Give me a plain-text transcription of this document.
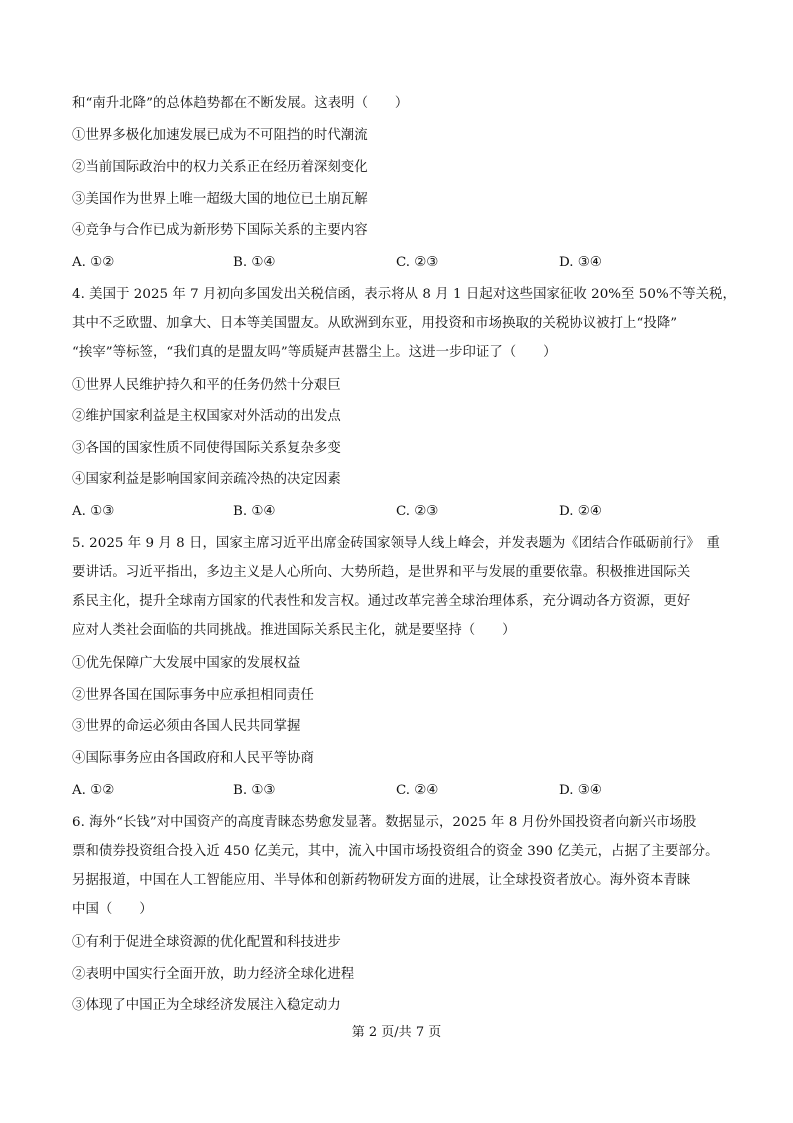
和“南升北降”的总体趋势都在不断发展。这表明（　　）
①世界多极化加速发展已成为不可阻挡的时代潮流
②当前国际政治中的权力关系正在经历着深刻变化
③美国作为世界上唯一超级大国的地位已土崩瓦解
④竞争与合作已成为新形势下国际关系的主要内容
A. ①②	B. ①④	C. ②③	D. ③④
4. 美国于 2025 年 7 月初向多国发出关税信函，表示将从 8 月 1 日起对这些国家征收 20%至 50%不等关税，
其中不乏欧盟、加拿大、日本等美国盟友。从欧洲到东亚，用投资和市场换取的关税协议被打上“投降”
“挨宰”等标签，“我们真的是盟友吗”等质疑声甚嚣尘上。这进一步印证了（　　）
①世界人民维护持久和平的任务仍然十分艰巨
②维护国家利益是主权国家对外活动的出发点
③各国的国家性质不同使得国际关系复杂多变
④国家利益是影响国家间亲疏冷热的决定因素
A. ①③	B. ①④	C. ②③	D. ②④
5. 2025 年 9 月 8 日，国家主席习近平出席金砖国家领导人线上峰会，并发表题为《团结合作砥砺前行》　重
要讲话。习近平指出，多边主义是人心所向、大势所趋，是世界和平与发展的重要依靠。积极推进国际关
系民主化，提升全球南方国家的代表性和发言权。通过改革完善全球治理体系，充分调动各方资源，更好
应对人类社会面临的共同挑战。推进国际关系民主化，就是要坚持（　　）
①优先保障广大发展中国家的发展权益
②世界各国在国际事务中应承担相同责任
③世界的命运必须由各国人民共同掌握
④国际事务应由各国政府和人民平等协商
A. ①②	B. ①③	C. ②④	D. ③④
6. 海外“长钱”对中国资产的高度青睐态势愈发显著。数据显示，2025 年 8 月份外国投资者向新兴市场股
票和债券投资组合投入近 450 亿美元，其中，流入中国市场投资组合的资金 390 亿美元，占据了主要部分。
另据报道，中国在人工智能应用、半导体和创新药物研发方面的进展，让全球投资者放心。海外资本青睐
中国（　　）
①有利于促进全球资源的优化配置和科技进步
②表明中国实行全面开放，助力经济全球化进程
③体现了中国正为全球经济发展注入稳定动力
第 2 页/共 7 页
